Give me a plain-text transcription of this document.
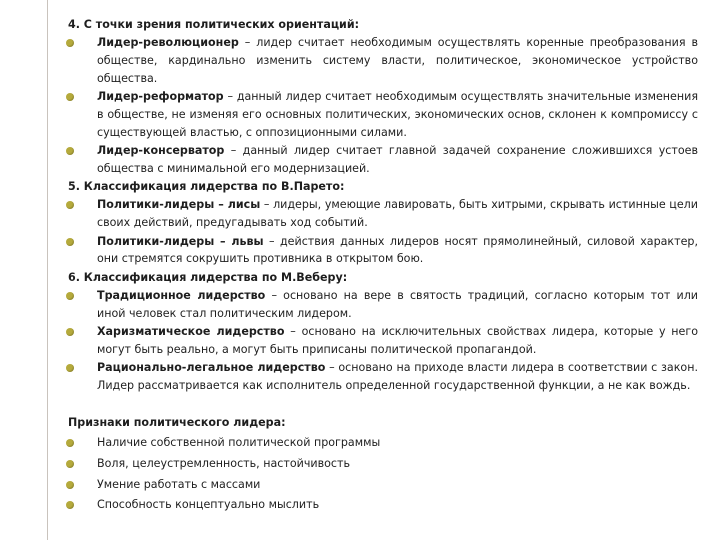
4. С точки зрения политических ориентаций:

Лидер-революционер – лидер считает необходимым осуществлять коренные преобразования в обществе, кардинально изменить систему власти, политическое, экономическое устройство общества.
Лидер-реформатор – данный лидер считает необходимым осуществлять значительные изменения в обществе, не изменяя его основных политических, экономических основ, склонен к компромиссу с существующей властью, с оппозиционными силами.
Лидер-консерватор – данный лидер считает главной задачей сохранение сложившихся устоев общества с минимальной его модернизацией.

5. Классификация лидерства по В.Парето:

Политики-лидеры – лисы – лидеры, умеющие лавировать, быть хитрыми, скрывать истинные цели своих действий, предугадывать ход событий.
Политики-лидеры – львы – действия данных лидеров носят прямолинейный, силовой характер, они стремятся сокрушить противника в открытом бою.

6. Классификация лидерства по М.Веберу:

Традиционное лидерство – основано на вере в святость традиций, согласно которым тот или иной человек стал политическим лидером.
Харизматическое лидерство – основано на исключительных свойствах лидера, которые у него могут быть реально, а могут быть приписаны политической пропагандой.
Рационально-легальное лидерство – основано на приходе власти лидера в соответствии с закон. Лидер рассматривается как исполнитель определенной государственной функции, а не как вождь.

Признаки политического лидера:

Наличие собственной политической программы
Воля, целеустремленность, настойчивость
Умение работать с массами
Способность концептуально мыслить
